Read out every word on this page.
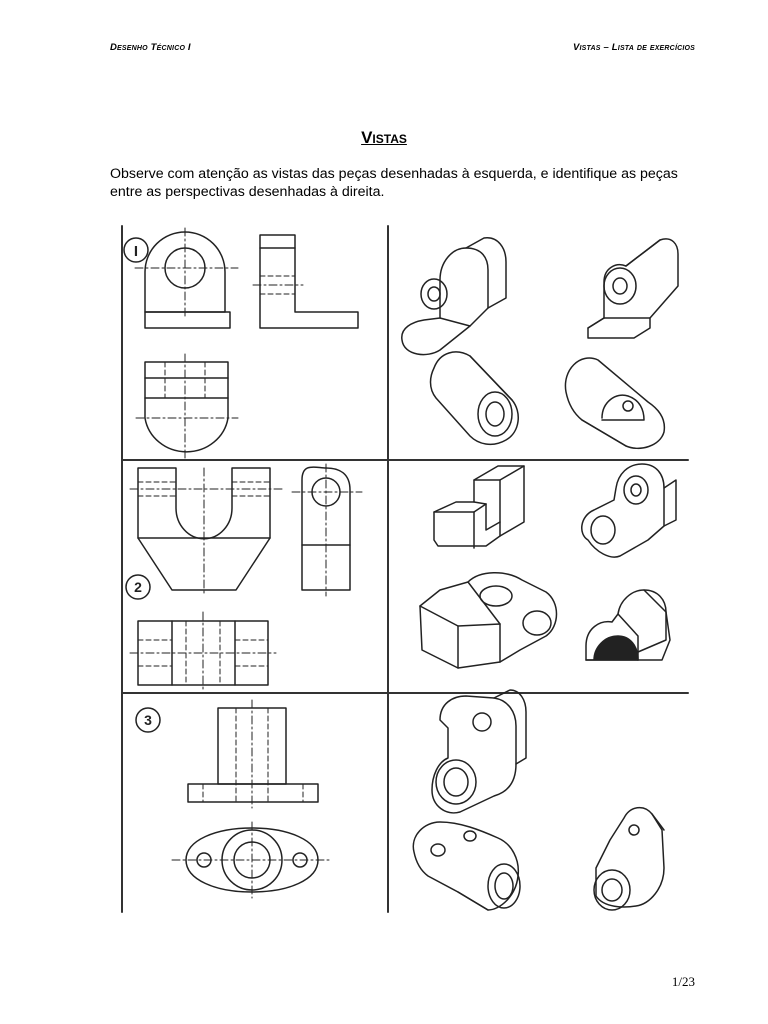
Desenho Técnico I	Vistas – Lista de exercícios
Vistas
Observe com atenção as vistas das peças desenhadas à esquerda, e identifique as peças entre as perspectivas desenhadas à direita.
I
2
3
1/23
